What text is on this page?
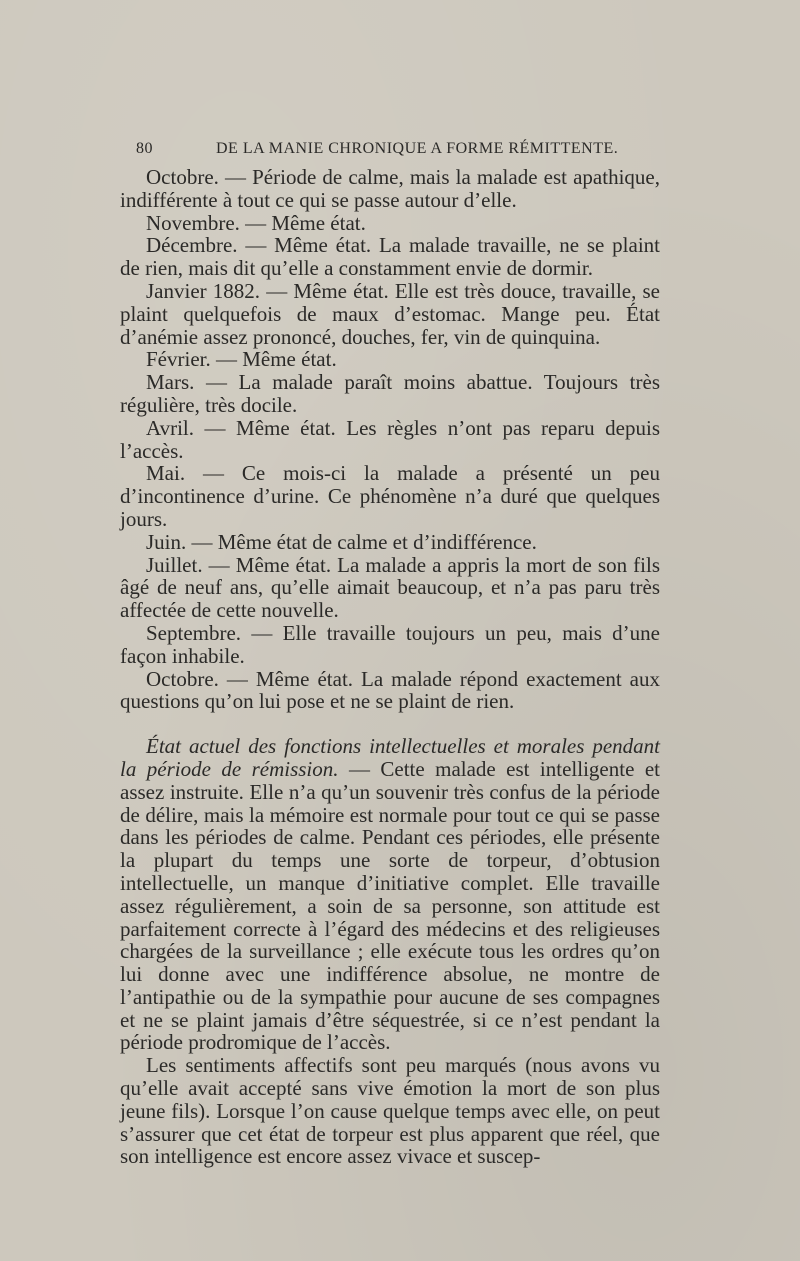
80	DE LA MANIE CHRONIQUE A FORME RÉMITTENTE.

Octobre. — Période de calme, mais la malade est apathique, indifférente à tout ce qui se passe autour d’elle.

Novembre. — Même état.

Décembre. — Même état. La malade travaille, ne se plaint de rien, mais dit qu’elle a constamment envie de dormir.

Janvier 1882. — Même état. Elle est très douce, travaille, se plaint quelquefois de maux d’estomac. Mange peu. État d’anémie assez prononcé, douches, fer, vin de quinquina.

Février. — Même état.

Mars. — La malade paraît moins abattue. Toujours très régulière, très docile.

Avril. — Même état. Les règles n’ont pas reparu depuis l’accès.

Mai. — Ce mois-ci la malade a présenté un peu d’incontinence d’urine. Ce phénomène n’a duré que quelques jours.

Juin. — Même état de calme et d’indifférence.

Juillet. — Même état. La malade a appris la mort de son fils âgé de neuf ans, qu’elle aimait beaucoup, et n’a pas paru très affectée de cette nouvelle.

Septembre. — Elle travaille toujours un peu, mais d’une façon inhabile.

Octobre. — Même état. La malade répond exactement aux questions qu’on lui pose et ne se plaint de rien.

État actuel des fonctions intellectuelles et morales pendant la période de rémission. — Cette malade est intelligente et assez instruite. Elle n’a qu’un souvenir très confus de la période de délire, mais la mémoire est normale pour tout ce qui se passe dans les périodes de calme. Pendant ces périodes, elle présente la plupart du temps une sorte de torpeur, d’obtusion intellectuelle, un manque d’initiative complet. Elle travaille assez régulièrement, a soin de sa personne, son attitude est parfaitement correcte à l’égard des médecins et des religieuses chargées de la surveillance ; elle exécute tous les ordres qu’on lui donne avec une indifférence absolue, ne montre de l’antipathie ou de la sympathie pour aucune de ses compagnes et ne se plaint jamais d’être séquestrée, si ce n’est pendant la période prodromique de l’accès.

Les sentiments affectifs sont peu marqués (nous avons vu qu’elle avait accepté sans vive émotion la mort de son plus jeune fils). Lorsque l’on cause quelque temps avec elle, on peut s’assurer que cet état de torpeur est plus apparent que réel, que son intelligence est encore assez vivace et suscep-
